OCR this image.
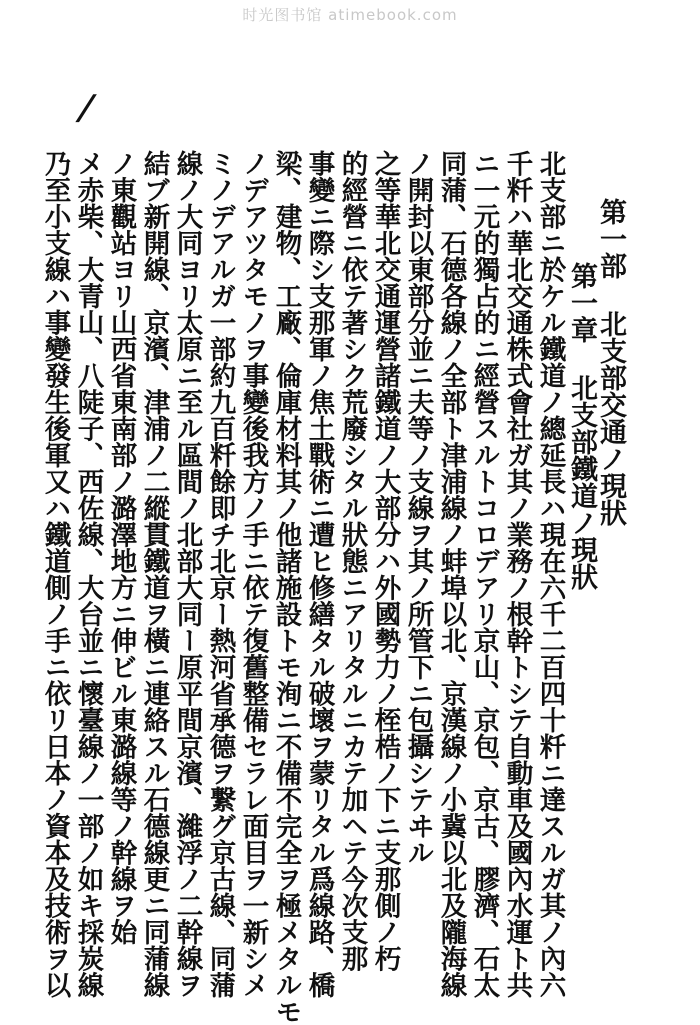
时光图书馆 atimebook.com
/
第一部 北支部交通ノ現狀
第一章 北支部鐵道ノ現狀
北支部ニ於ケル鐵道ノ總延長ハ現在六千二百四十粁ニ達スルガ其ノ內六
千粁ハ華北交通株式會社ガ其ノ業務ノ根幹トシテ自動車及國內水運ト共
ニ一元的獨占的ニ經營スルトコロデアリ京山、京包、京古、膠濟、石太
同蒲、石德各線ノ全部ト津浦線ノ蚌埠以北、京漢線ノ小冀以北及隴海線
ノ開封以東部分並ニ夫等ノ支線ヲ其ノ所管下ニ包攝シテヰル
之等華北交通運營諸鐵道ノ大部分ハ外國勢力ノ桎梏ノ下ニ支那側ノ朽
的經營ニ依テ著シク荒廢シタル狀態ニアリタルニカテ加ヘテ今次支那
事變ニ際シ支那軍ノ焦土戰術ニ遭ヒ修繕タル破壞ヲ蒙リタル爲線路、橋
梁、建物、工廠、倫庫材料其ノ他諸施設トモ洵ニ不備不完全ヲ極メタルモ
ノデアツタモノヲ事變後我方ノ手ニ依テ復舊整備セラレ面目ヲ一新シメ
ミノデアルガ一部約九百粁餘即チ北京ー熱河省承德ヲ繋グ京古線、同蒲
線ノ大同ヨリ太原ニ至ル區間ノ北部大同ー原平間京濱、濰浮ノ二幹線ヲ
結ブ新開線、京濱、津浦ノ二縱貫鐵道ヲ橫ニ連絡スル石德線更ニ同蒲線
ノ東觀站ヨリ山西省東南部ノ潞澤地方ニ伸ビル東潞線等ノ幹線ヲ始
メ赤柴、大青山、八陡子、西佐線、大台並ニ懷臺線ノ一部ノ如キ採炭線
乃至小支線ハ事變發生後軍又ハ鐵道側ノ手ニ依リ日本ノ資本及技術ヲ以
